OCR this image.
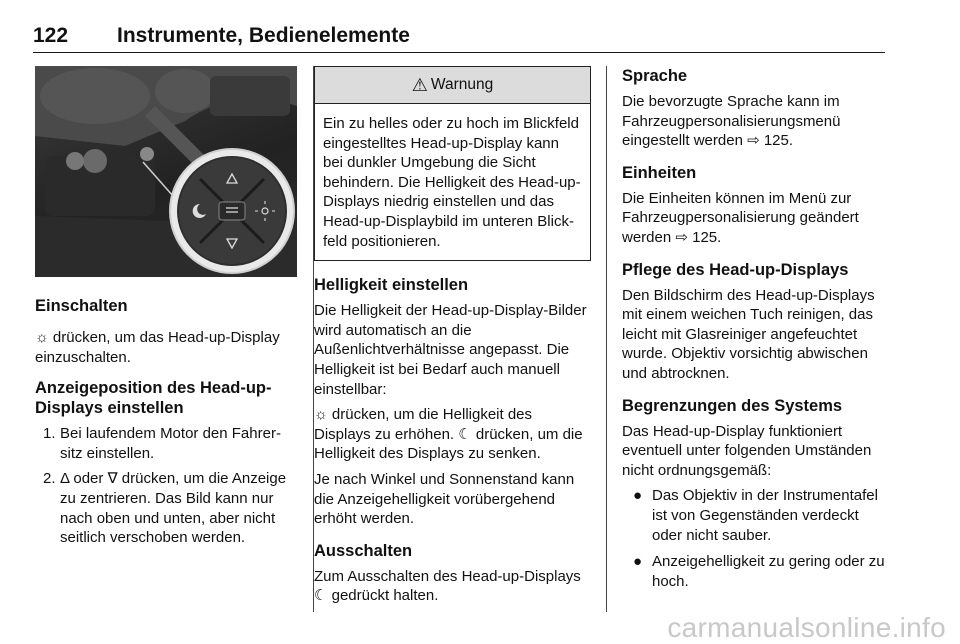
122 Instrumente, Bedienelemente
Einschalten

☼ drücken, um das Head-up-Display einzuschalten.

Anzeigeposition des Head-up-Displays einstellen
1. Bei laufendem Motor den Fahrersitz einstellen.
2. Δ oder ∇ drücken, um die Anzeige zu zentrieren. Das Bild kann nur nach oben und unten, aber nicht seitlich verschoben werden.
⚠ Warnung
Ein zu helles oder zu hoch im Blickfeld eingestelltes Head-up-Display kann bei dunkler Umgebung die Sicht behindern. Die Helligkeit des Head-up-Displays niedrig einstellen und das Head-up-Displaybild im unteren Blickfeld positionieren.
Helligkeit einstellen

Die Helligkeit der Head-up-Display-Bilder wird automatisch an die Außenlichtverhältnisse angepasst. Die Helligkeit ist bei Bedarf auch manuell einstellbar:

☼ drücken, um die Helligkeit des Displays zu erhöhen. ☾ drücken, um die Helligkeit des Displays zu senken.

Je nach Winkel und Sonnenstand kann die Anzeigehelligkeit vorübergehend erhöht werden.

Ausschalten

Zum Ausschalten des Head-up-Displays ☾ gedrückt halten.

Sprache

Die bevorzugte Sprache kann im Fahrzeugpersonalisierungsmenü eingestellt werden ⇨ 125.

Einheiten

Die Einheiten können im Menü zur Fahrzeugpersonalisierung geändert werden ⇨ 125.

Pflege des Head-up-Displays

Den Bildschirm des Head-up-Displays mit einem weichen Tuch reinigen, das leicht mit Glasreiniger angefeuchtet wurde. Objektiv vorsichtig abwischen und abtrocknen.

Begrenzungen des Systems

Das Head-up-Display funktioniert eventuell unter folgenden Umständen nicht ordnungsgemäß:

● Das Objektiv in der Instrumentafel ist von Gegenständen verdeckt oder nicht sauber.
● Anzeigehelligkeit zu gering oder zu hoch.
carmanualsonline.info
